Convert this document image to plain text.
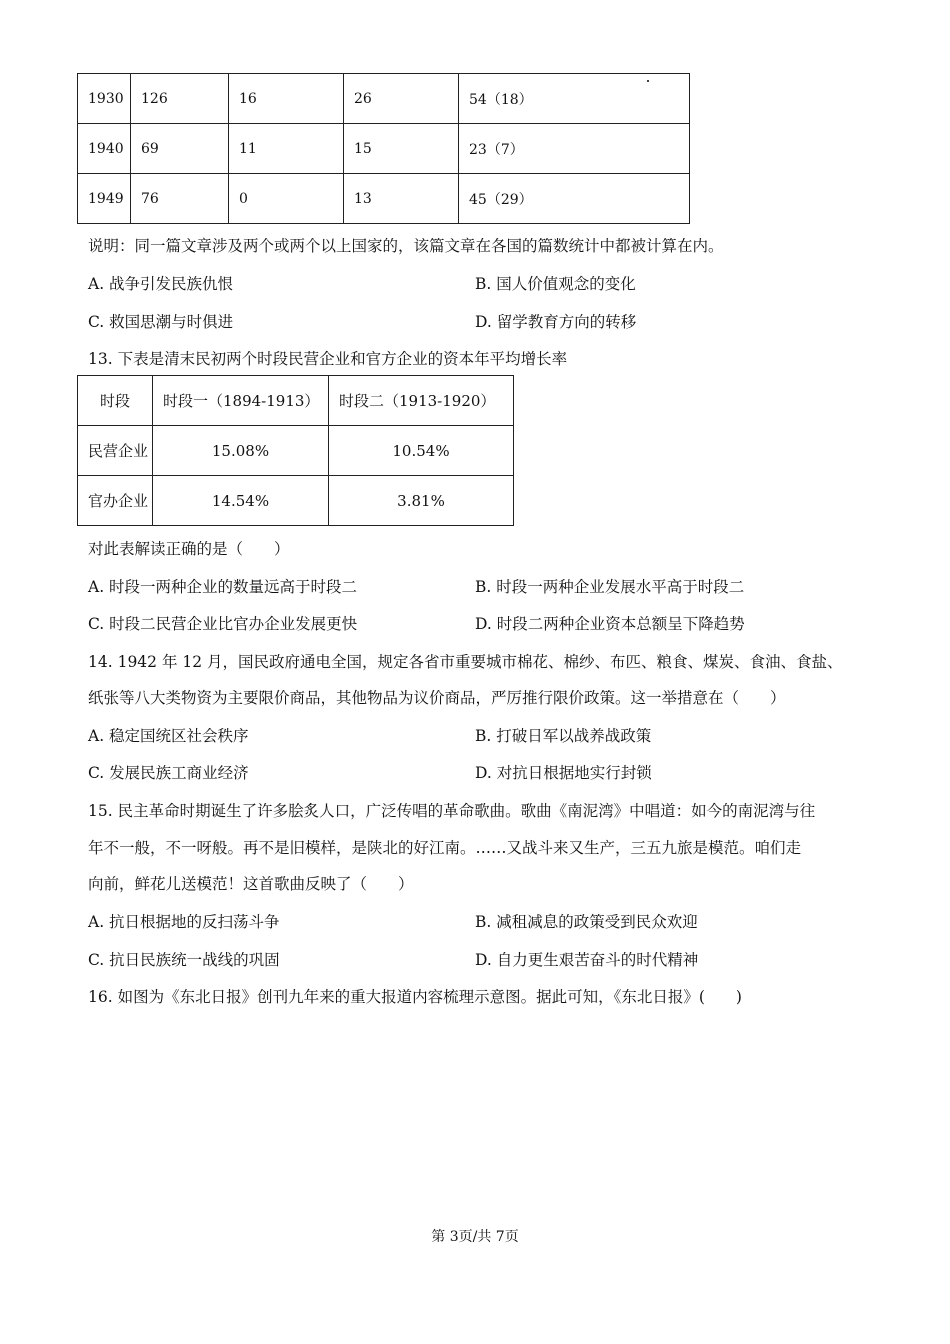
1930	126	16	26	54（18）
1940	69	11	15	23（7）
1949	76	0	13	45（29）
说明：同一篇文章涉及两个或两个以上国家的，该篇文章在各国的篇数统计中都被计算在内。
A. 战争引发民族仇恨	B. 国人价值观念的变化
C. 救国思潮与时俱进	D. 留学教育方向的转移
13. 下表是清末民初两个时段民营企业和官方企业的资本年平均增长率
时段	时段一（1894-1913）	时段二（1913-1920）
民营企业	15.08%	10.54%
官办企业	14.54%	3.81%
对此表解读正确的是（　　）
A. 时段一两种企业的数量远高于时段二	B. 时段一两种企业发展水平高于时段二
C. 时段二民营企业比官办企业发展更快	D. 时段二两种企业资本总额呈下降趋势
14. 1942 年 12 月，国民政府通电全国，规定各省市重要城市棉花、棉纱、布匹、粮食、煤炭、食油、食盐、
纸张等八大类物资为主要限价商品，其他物品为议价商品，严厉推行限价政策。这一举措意在（　　）
A. 稳定国统区社会秩序	B. 打破日军以战养战政策
C. 发展民族工商业经济	D. 对抗日根据地实行封锁
15. 民主革命时期诞生了许多脍炙人口，广泛传唱的革命歌曲。歌曲《南泥湾》中唱道：如今的南泥湾与往
年不一般，不一呀般。再不是旧模样，是陕北的好江南。……又战斗来又生产，三五九旅是模范。咱们走
向前，鲜花儿送模范！这首歌曲反映了（　　）
A. 抗日根据地的反扫荡斗争	B. 减租减息的政策受到民众欢迎
C. 抗日民族统一战线的巩固	D. 自力更生艰苦奋斗的时代精神
16. 如图为《东北日报》创刊九年来的重大报道内容梳理示意图。据此可知，《东北日报》(　　)
第 3页/共 7页
